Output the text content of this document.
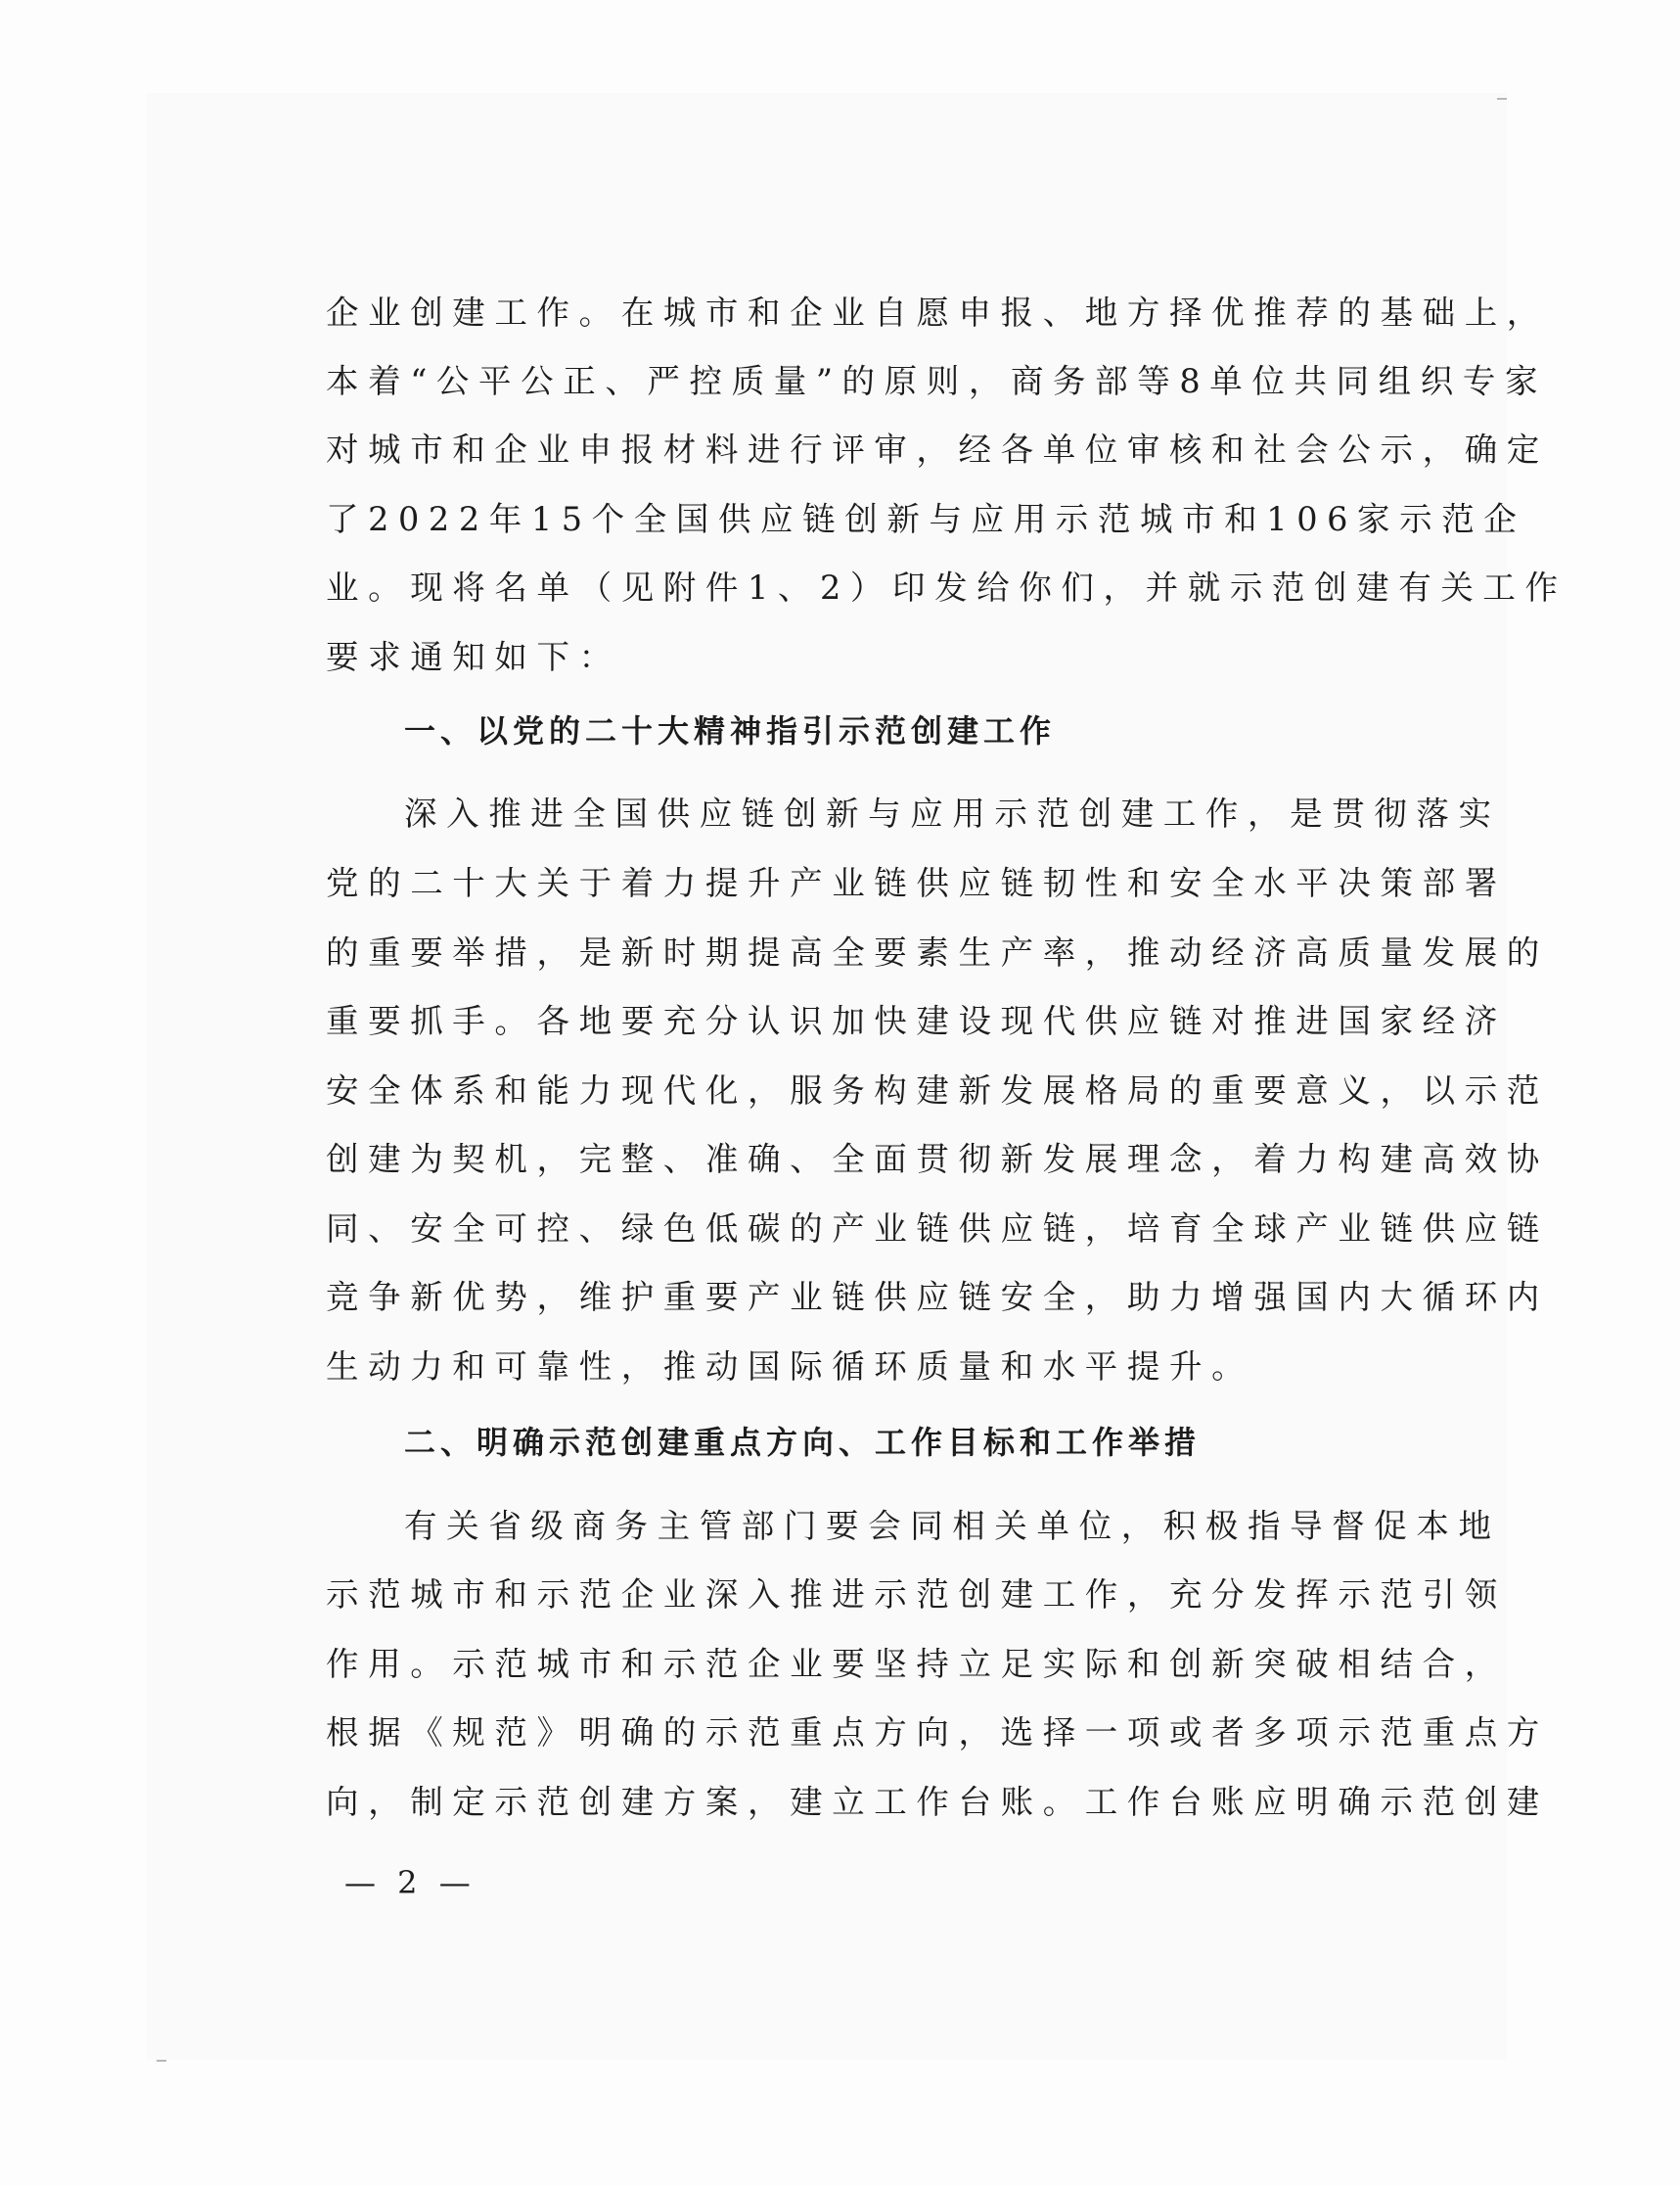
企业创建工作。在城市和企业自愿申报、地方择优推荐的基础上，
本着“公平公正、严控质量”的原则，商务部等8单位共同组织专家
对城市和企业申报材料进行评审，经各单位审核和社会公示，确定
了2022年15个全国供应链创新与应用示范城市和106家示范企
业。现将名单（见附件1、2）印发给你们，并就示范创建有关工作
要求通知如下：
一、以党的二十大精神指引示范创建工作
深入推进全国供应链创新与应用示范创建工作，是贯彻落实
党的二十大关于着力提升产业链供应链韧性和安全水平决策部署
的重要举措，是新时期提高全要素生产率，推动经济高质量发展的
重要抓手。各地要充分认识加快建设现代供应链对推进国家经济
安全体系和能力现代化，服务构建新发展格局的重要意义，以示范
创建为契机，完整、准确、全面贯彻新发展理念，着力构建高效协
同、安全可控、绿色低碳的产业链供应链，培育全球产业链供应链
竞争新优势，维护重要产业链供应链安全，助力增强国内大循环内
生动力和可靠性，推动国际循环质量和水平提升。
二、明确示范创建重点方向、工作目标和工作举措
有关省级商务主管部门要会同相关单位，积极指导督促本地
示范城市和示范企业深入推进示范创建工作，充分发挥示范引领
作用。示范城市和示范企业要坚持立足实际和创新突破相结合，
根据《规范》明确的示范重点方向，选择一项或者多项示范重点方
向，制定示范创建方案，建立工作台账。工作台账应明确示范创建
— 2 —
